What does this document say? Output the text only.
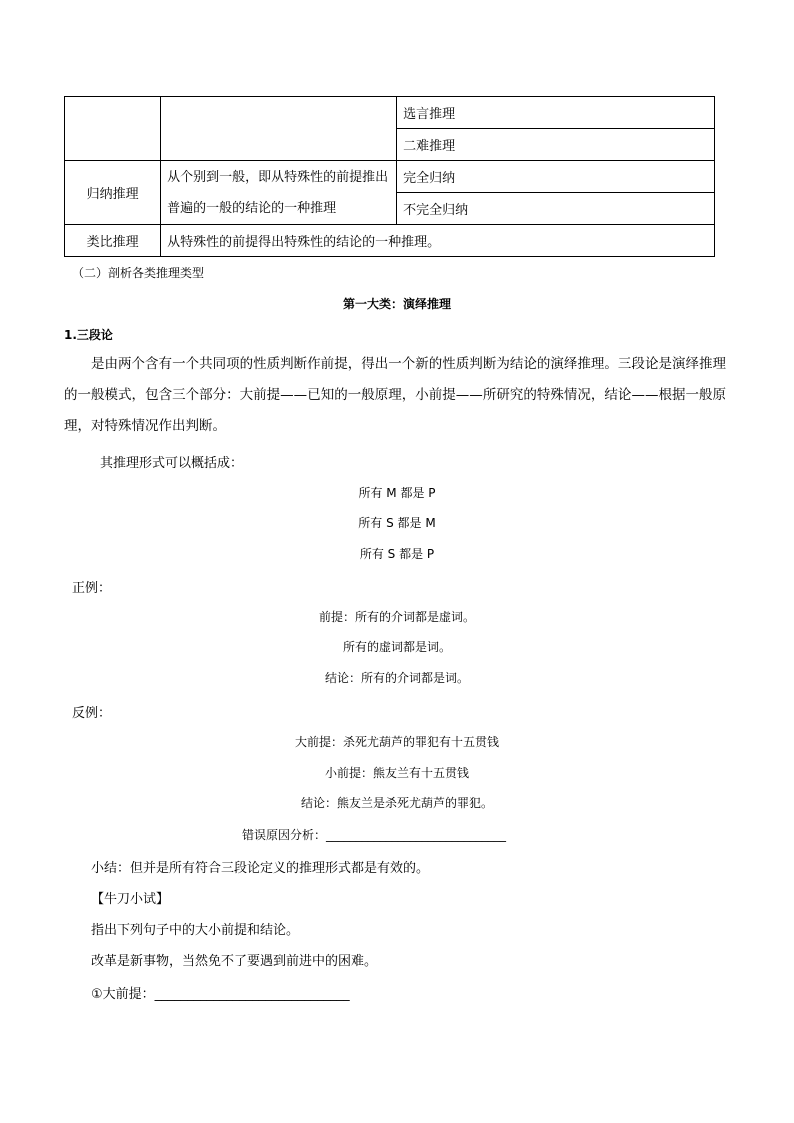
		选言推理
		二难推理
归纳推理	从个别到一般，即从特殊性的前提推出普遍的一般的结论的一种推理	完全归纳
		不完全归纳
类比推理	从特殊性的前提得出特殊性的结论的一种推理。	
（二）剖析各类推理类型
第一大类：演绎推理
1.三段论
是由两个含有一个共同项的性质判断作前提，得出一个新的性质判断为结论的演绎推理。三段论是演绎推理的一般模式，包含三个部分：大前提——已知的一般原理，小前提——所研究的特殊情况，结论——根据一般原理，对特殊情况作出判断。
其推理形式可以概括成：
所有 M 都是 P
所有 S 都是 M
所有 S 都是 P
正例：
前提：所有的介词都是虚词。
所有的虚词都是词。
结论：所有的介词都是词。
反例：
大前提：杀死尤葫芦的罪犯有十五贯钱
小前提：熊友兰有十五贯钱
结论：熊友兰是杀死尤葫芦的罪犯。
错误原因分析：______________________________
小结：但并是所有符合三段论定义的推理形式都是有效的。
【牛刀小试】
指出下列句子中的大小前提和结论。
改革是新事物，当然免不了要遇到前进中的困难。
①大前提：______________________________
